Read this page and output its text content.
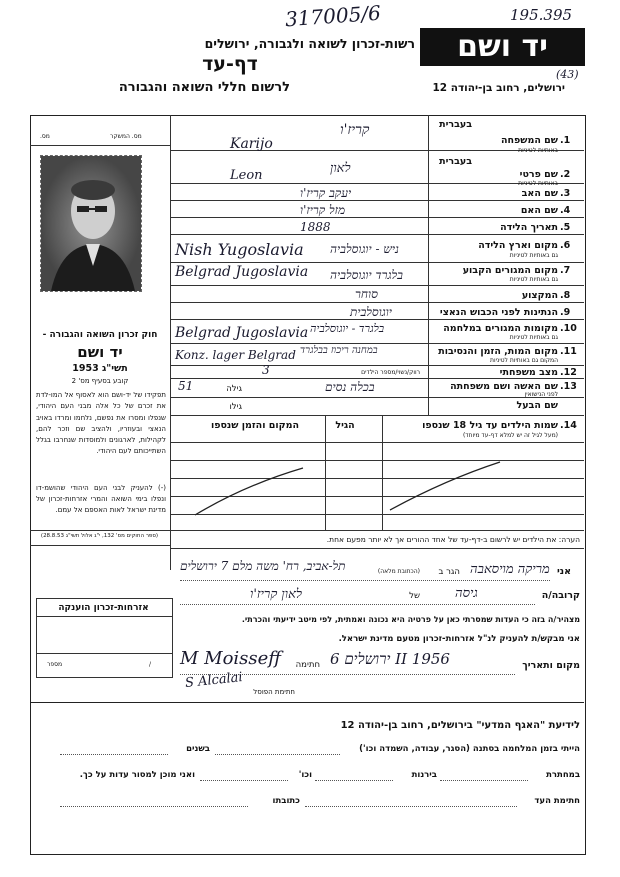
317005/6	195.395
(43)
יד ושם
רשות-זכרון לשואה ולגבורה, ירושלים
דף-עד
לרשום חללי השואה והגבורה	ירושלים, רחוב בן-יהודה 12
מס.	מס. המשקר
בעברית
1.
שם המשפחה
באותיות לטיניות
קריז'ו
Karijo
בעברית
2.
שם פרטי
באותיות לטיניות
לאון
Leon
3.
שם האב
יעקב קריז'ו
4.
שם האם
מזל קריז'ו
5.
תאריך הלידה
1888
6.
מקום וארץ הלידה
גם באותיות לטיניות
ניש - יוגוסלביה
Nish Yugoslavia
7.
מקום המגורים הקבוע
גם באותיות לטיניות
בלגרד יוגוסלביה
Belgrad Jugoslavia
8.
המקצוע
סוחר
9.
הנתינות לפני הכבוש הנאצי
יוגוסלבית
10.
מקומות המגורים במלחמה
גם באותיות לטיניות
בלגרד - יוגוסלביה
Belgrad Jugoslavia
11.
מקום המות, הזמן והנסיבות
המקום גם באותיות לטיניות
במחנה ריכוז בבלגרד
Konz. lager Belgrad
12.
מצב משפחתי
רווק/נשוי/מספר הילדים
3
13.
שם האשה ושם משפחתה
לפני הנישואין
בכלה נסים
גילה
51
שם הבעל
גילו
14.
שמות הילדים עד גיל 18 שנספו
(מעל לגיל זה יש למלא דף-עד מיוחד)
הגיל
המקום והזמן שנספו
חוק זכרון השואה והגבורה -
יד ושם
תשי"ג 1953
קובע בסעיף מס' 2
תפקידו של יד-ושם הוא לאסוף אל המו-לדת את זכרם של כל אלה מבני העם היהודי, שנפלו ומסרו את נפשם, נלחמו ומרדו באויב הנאצי ובעוזריו, ולהציב שם וזכר להם, לקהילות, לארגונים ולמוסדות שנחרבו בגלל השתייכותם לעם היהודי.
(-) להעניק לבני העם היהודי שהושמ-דו ונפלו בימי השואה והמרי אזרחות-זכרון של מדינת ישראל לאות האספם אל עמם.
(ספר החוקים מס' 132, י"ג אלול תשי"ג 28.8.53)	הערה: את הילדים יש לרשום ב-דף-עד של אחד ההורים אך לא יותר מפעם אחת.
אני
מריקה מויסאבה
הגר ב
(הכתובת מלאה)
תל-אביב, רח' משה מלם 7 ירושלים
קרובה/ה
גיסה
של
לאון קריז'ו
מצהיר/ה בזה כי העדות שמסרתי כאן על פרטיה היא נכונה ואמתית, לפי מיטב ידיעתי והכרתי.
אני מבקש/ת להעניק לנ"ל אזרחות-זכרון מטעם מדינת ישראל.
מקום ותאריך
ירושלים 6 II 1956
חתימה
M Moisseff
S Alcalai
חתימת הפוסל
אזרחות-זכרון הוענקה
מספר	/
לידיעת "האגף המדעי" בירושלים, רחוב בן-יהודה 12
הייתי בזמן המלחמה בסתנה (הסגר, עבודה, השמדה וכו')
בשנים
במחתרת
בירנות
וכו'
ואני מוכן למסור עדות על כך.
חתימת העד
כתובתו
